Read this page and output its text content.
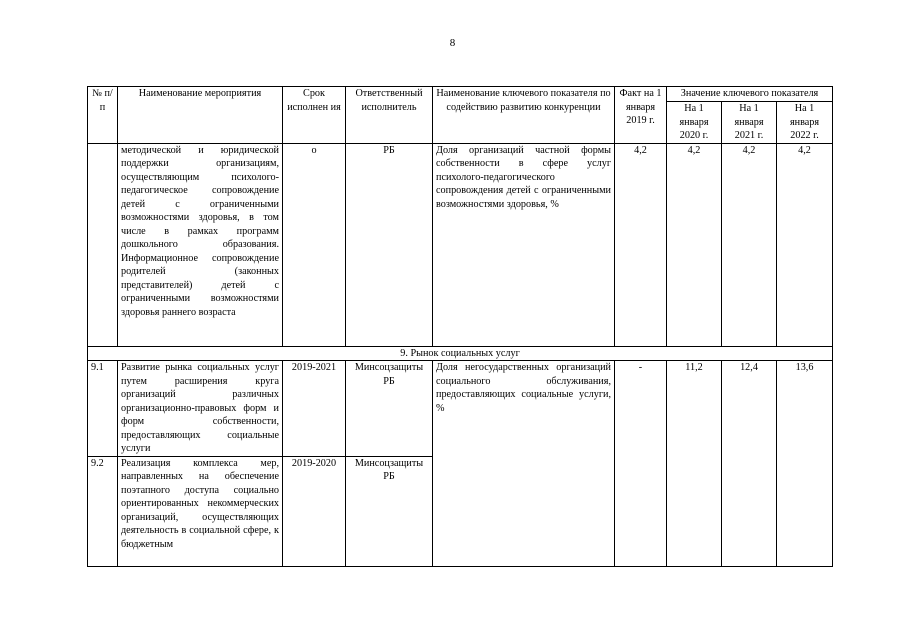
8
№ п/п	Наименование мероприятия	Срок исполнен ия	Ответственный исполнитель	Наименование ключевого показателя по содействию развитию конкуренции	Факт на 1 января 2019 г.	Значение ключевого показателя		
						На 1 января 2020 г.	На 1 января 2021 г.	На 1 января 2022 г.
	методической и юридической поддержки организациям, осуществляющим психолого-педагогическое сопровождение детей с ограниченными возможностями здоровья, в том числе в рамках программ дошкольного образования. Информационное сопровождение родителей (законных представителей) детей с ограниченными возможностями здоровья раннего возраста	о	РБ	Доля организаций частной формы собственности в сфере услуг психолого-педагогического сопровождения детей с ограниченными возможностями здоровья, %	4,2	4,2	4,2	4,2
9. Рынок социальных услуг								
9.1	Развитие рынка социальных услуг путем расширения круга организаций различных организационно-правовых форм и форм собственности, предоставляющих социальные услуги	2019-2021	Минсоцзащиты РБ	Доля негосударственных организаций социального обслуживания, предоставляющих социальные услуги, %	-	11,2	12,4	13,6
9.2	Реализация комплекса мер, направленных на обеспечение поэтапного доступа социально ориентированных некоммерческих организаций, осуществляющих деятельность в социальной сфере, к бюджетным	2019-2020	Минсоцзащиты РБ					
